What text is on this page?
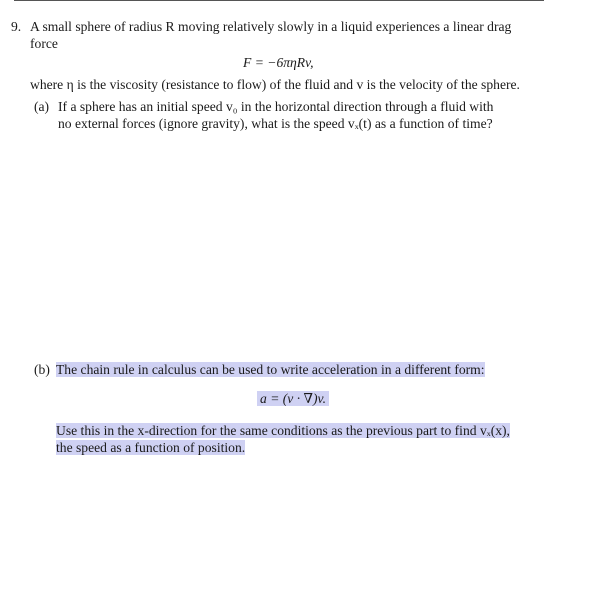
9. A small sphere of radius R moving relatively slowly in a liquid experiences a linear drag
force
F = −6πηRv,
where η is the viscosity (resistance to flow) of the fluid and v is the velocity of the sphere.
(a) If a sphere has an initial speed v₀ in the horizontal direction through a fluid with
no external forces (ignore gravity), what is the speed vₓ(t) as a function of time?
(b) The chain rule in calculus can be used to write acceleration in a different form:
a = (v · ∇)v.
Use this in the x-direction for the same conditions as the previous part to find vₓ(x),
the speed as a function of position.
